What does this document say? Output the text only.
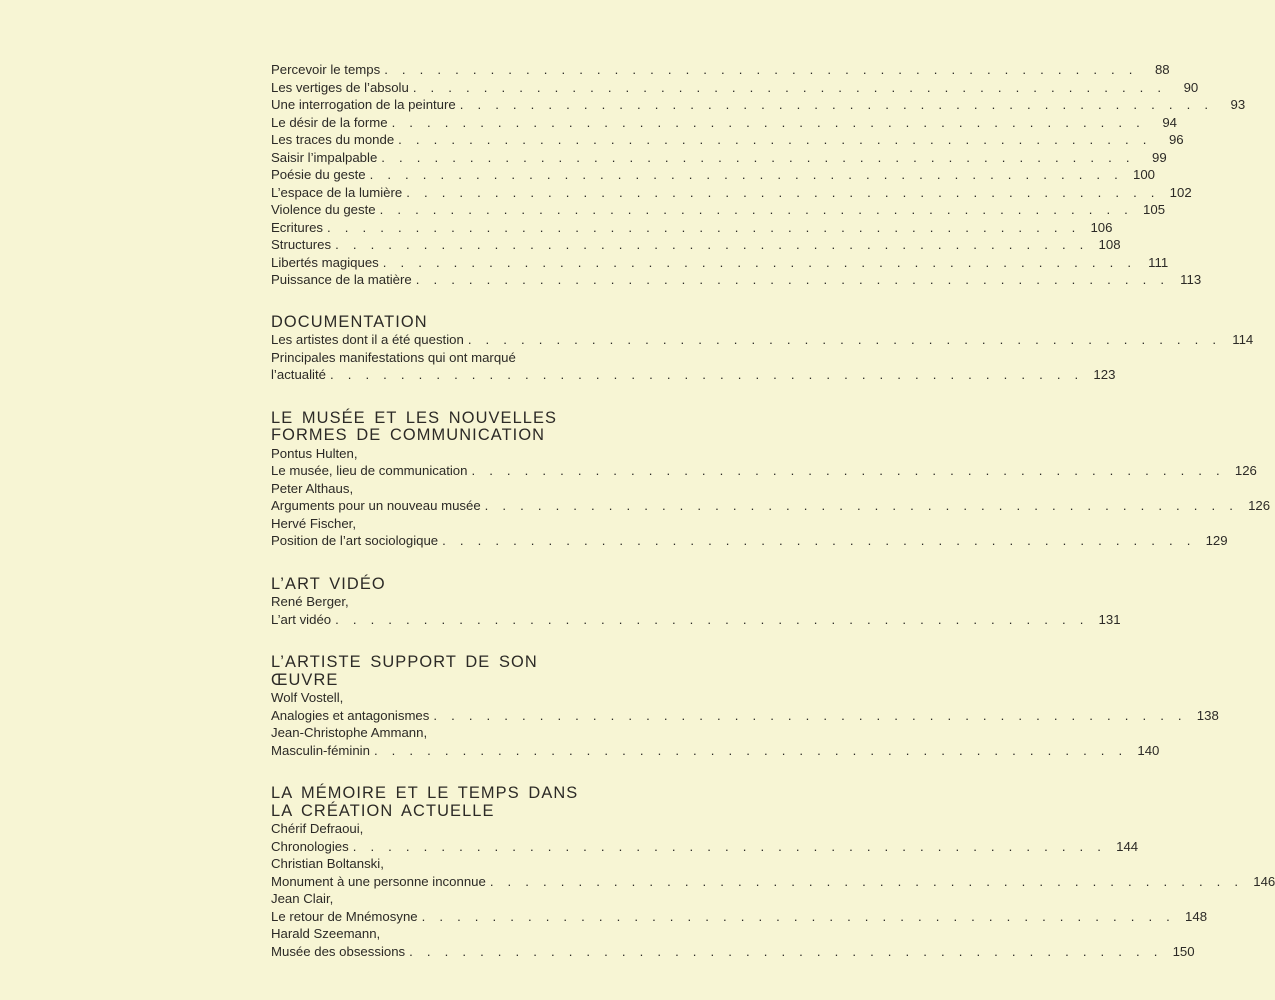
Percevoir le temps . . . . . . . . . . . . . . . . . . . . . . . . . . . . . . . . . . . . . . . . . . .	88
Les vertiges de l’absolu . . . . . . . . . . . . . . . . . . . . . . . . . . . . . . . . . . . . . . . . . . .	90
Une interrogation de la peinture . . . . . . . . . . . . . . . . . . . . . . . . . . . . . . . . . . . . . . . . . . .	93
Le désir de la forme . . . . . . . . . . . . . . . . . . . . . . . . . . . . . . . . . . . . . . . . . . .	94
Les traces du monde . . . . . . . . . . . . . . . . . . . . . . . . . . . . . . . . . . . . . . . . . . .	96
Saisir l’impalpable . . . . . . . . . . . . . . . . . . . . . . . . . . . . . . . . . . . . . . . . . . .	99
Poésie du geste . . . . . . . . . . . . . . . . . . . . . . . . . . . . . . . . . . . . . . . . . . . 100
L’espace de la lumière . . . . . . . . . . . . . . . . . . . . . . . . . . . . . . . . . . . . . . . . . . . 102
Violence du geste . . . . . . . . . . . . . . . . . . . . . . . . . . . . . . . . . . . . . . . . . . . 105
Ecritures . . . . . . . . . . . . . . . . . . . . . . . . . . . . . . . . . . . . . . . . . . . 106
Structures . . . . . . . . . . . . . . . . . . . . . . . . . . . . . . . . . . . . . . . . . . . 108
Libertés magiques . . . . . . . . . . . . . . . . . . . . . . . . . . . . . . . . . . . . . . . . . . . 111
Puissance de la matière . . . . . . . . . . . . . . . . . . . . . . . . . . . . . . . . . . . . . . . . . . . 113
DOCUMENTATION
Les artistes dont il a été question . . . . . . . . . . . . . . . . . . . . . . . . . . . . . . . . . . . . . . . . . . . 114
Principales manifestations qui ont marqué
l’actualité . . . . . . . . . . . . . . . . . . . . . . . . . . . . . . . . . . . . . . . . . . . 123
LE MUSÉE ET LES NOUVELLES
FORMES DE COMMUNICATION
Pontus Hulten,
Le musée, lieu de communication . . . . . . . . . . . . . . . . . . . . . . . . . . . . . . . . . . . . . . . . . . . 126
Peter Althaus,
Arguments pour un nouveau musée . . . . . . . . . . . . . . . . . . . . . . . . . . . . . . . . . . . . . . . . . . . 126
Hervé Fischer,
Position de l’art sociologique . . . . . . . . . . . . . . . . . . . . . . . . . . . . . . . . . . . . . . . . . . . 129
L’ART VIDÉO
René Berger,
L’art vidéo . . . . . . . . . . . . . . . . . . . . . . . . . . . . . . . . . . . . . . . . . . . 131
L’ARTISTE SUPPORT DE SON
ŒUVRE
Wolf Vostell,
Analogies et antagonismes . . . . . . . . . . . . . . . . . . . . . . . . . . . . . . . . . . . . . . . . . . . 138
Jean-Christophe Ammann,
Masculin-féminin . . . . . . . . . . . . . . . . . . . . . . . . . . . . . . . . . . . . . . . . . . . 140
LA MÉMOIRE ET LE TEMPS DANS
LA CRÉATION ACTUELLE
Chérif Defraoui,
Chronologies . . . . . . . . . . . . . . . . . . . . . . . . . . . . . . . . . . . . . . . . . . . 144
Christian Boltanski,
Monument à une personne inconnue . . . . . . . . . . . . . . . . . . . . . . . . . . . . . . . . . . . . . . . . . . . 146
Jean Clair,
Le retour de Mnémosyne . . . . . . . . . . . . . . . . . . . . . . . . . . . . . . . . . . . . . . . . . . . 148
Harald Szeemann,
Musée des obsessions . . . . . . . . . . . . . . . . . . . . . . . . . . . . . . . . . . . . . . . . . . . 150
